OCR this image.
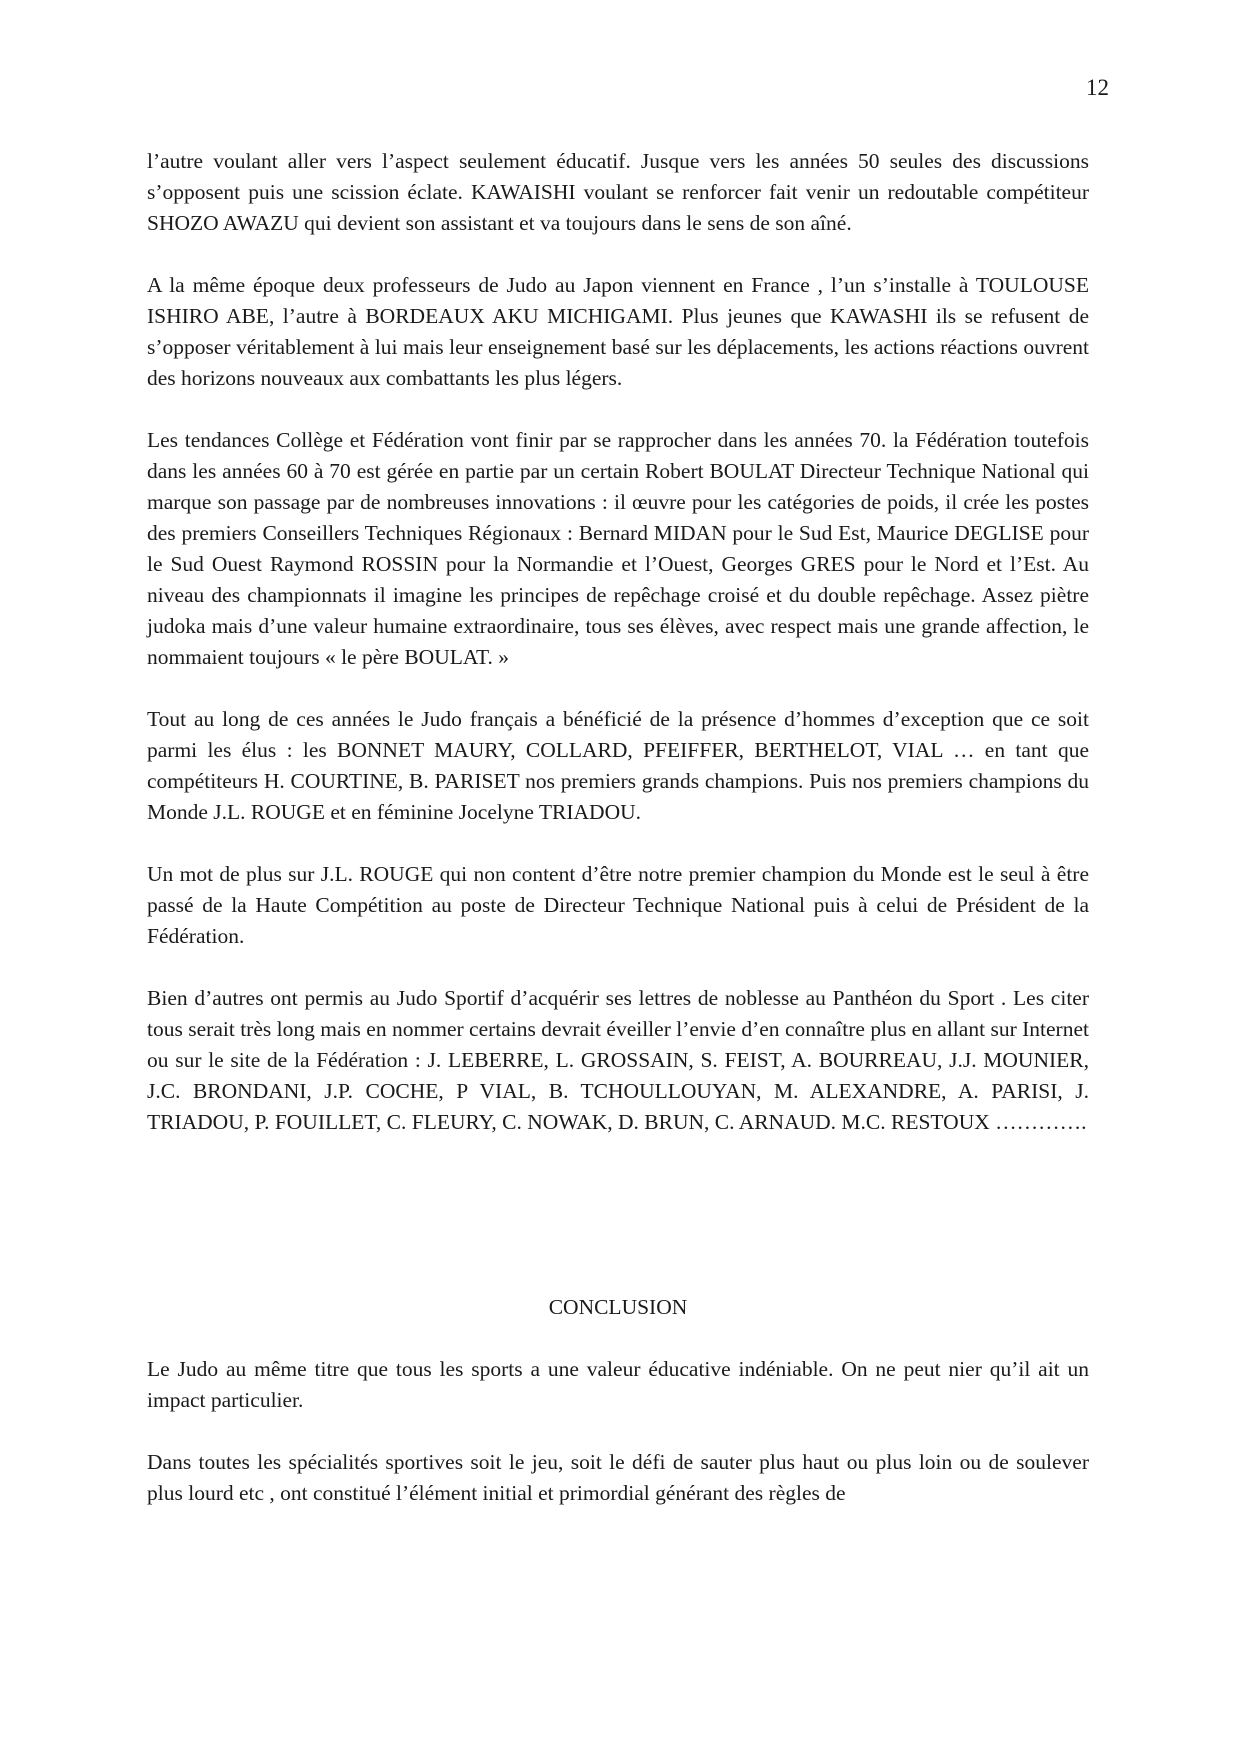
12

l’autre voulant aller vers l’aspect seulement éducatif. Jusque vers les années 50 seules des discussions s’opposent puis une scission éclate. KAWAISHI voulant se renforcer fait venir un redoutable compétiteur SHOZO AWAZU qui devient son assistant et va toujours dans le sens de son aîné.

A la même époque deux professeurs de Judo au Japon viennent en France , l’un s’installe à TOULOUSE ISHIRO ABE, l’autre à BORDEAUX AKU MICHIGAMI. Plus jeunes que KAWASHI ils se refusent de s’opposer véritablement à lui mais leur enseignement basé sur les déplacements, les actions réactions ouvrent des horizons nouveaux aux combattants les plus légers.

Les tendances Collège et Fédération vont finir par se rapprocher dans les années 70. la Fédération toutefois dans les années 60 à 70 est gérée en partie par un certain Robert BOULAT Directeur Technique National qui marque son passage par de nombreuses innovations : il œuvre pour les catégories de poids, il crée les postes des premiers Conseillers Techniques Régionaux : Bernard MIDAN pour le Sud Est, Maurice DEGLISE pour le Sud Ouest Raymond ROSSIN pour la Normandie et l’Ouest, Georges GRES pour le Nord et l’Est. Au niveau des championnats il imagine les principes de repêchage croisé et du double repêchage. Assez piètre judoka mais d’une valeur humaine extraordinaire, tous ses élèves, avec respect mais une grande affection, le nommaient toujours « le père BOULAT. »

Tout au long de ces années le Judo français a bénéficié de la présence d’hommes d’exception que ce soit parmi les élus : les BONNET MAURY, COLLARD, PFEIFFER, BERTHELOT, VIAL … en tant que compétiteurs H. COURTINE, B. PARISET nos premiers grands champions. Puis nos premiers champions du Monde J.L. ROUGE et en féminine Jocelyne TRIADOU.

Un mot de plus sur J.L. ROUGE qui non content d’être notre premier champion du Monde est le seul à être passé de la Haute Compétition au poste de Directeur Technique National puis à celui de Président de la Fédération.

Bien d’autres ont permis au Judo Sportif d’acquérir ses lettres de noblesse au Panthéon du Sport . Les citer tous serait très long mais en nommer certains devrait éveiller l’envie d’en connaître plus en allant sur Internet ou sur le site de la Fédération : J. LEBERRE, L. GROSSAIN, S. FEIST, A. BOURREAU, J.J. MOUNIER, J.C. BRONDANI, J.P. COCHE, P VIAL, B. TCHOULLOUYAN, M. ALEXANDRE, A. PARISI, J. TRIADOU, P. FOUILLET, C. FLEURY, C. NOWAK, D. BRUN, C. ARNAUD. M.C. RESTOUX ………….

CONCLUSION

Le Judo au même titre que tous les sports a une valeur éducative indéniable. On ne peut nier qu’il ait un impact particulier.

Dans toutes les spécialités sportives soit le jeu, soit le défi de sauter plus haut ou plus loin ou de soulever plus lourd etc , ont constitué l’élément initial et primordial générant des règles de
